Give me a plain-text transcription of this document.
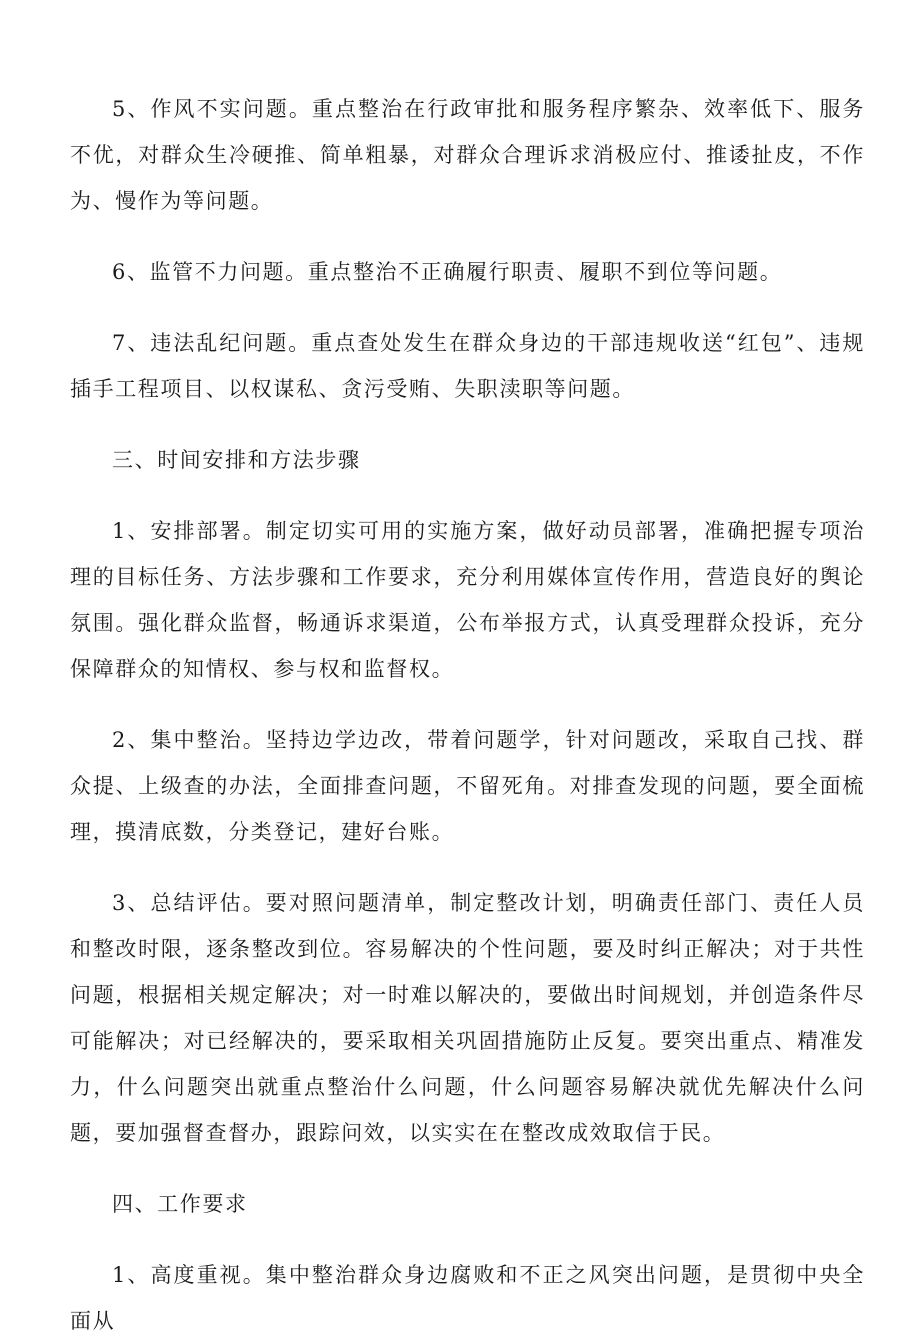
5、作风不实问题。重点整治在行政审批和服务程序繁杂、效率低下、服务不优，对群众生冷硬推、简单粗暴，对群众合理诉求消极应付、推诿扯皮，不作为、慢作为等问题。

6、监管不力问题。重点整治不正确履行职责、履职不到位等问题。

7、违法乱纪问题。重点查处发生在群众身边的干部违规收送“红包”、违规插手工程项目、以权谋私、贪污受贿、失职渎职等问题。

三、时间安排和方法步骤

1、安排部署。制定切实可用的实施方案，做好动员部署，准确把握专项治理的目标任务、方法步骤和工作要求，充分利用媒体宣传作用，营造良好的舆论氛围。强化群众监督，畅通诉求渠道，公布举报方式，认真受理群众投诉，充分保障群众的知情权、参与权和监督权。

2、集中整治。坚持边学边改，带着问题学，针对问题改，采取自己找、群众提、上级查的办法，全面排查问题，不留死角。对排查发现的问题，要全面梳理，摸清底数，分类登记，建好台账。

3、总结评估。要对照问题清单，制定整改计划，明确责任部门、责任人员和整改时限，逐条整改到位。容易解决的个性问题，要及时纠正解决；对于共性问题，根据相关规定解决；对一时难以解决的，要做出时间规划，并创造条件尽可能解决；对已经解决的，要采取相关巩固措施防止反复。要突出重点、精准发力，什么问题突出就重点整治什么问题，什么问题容易解决就优先解决什么问题，要加强督查督办，跟踪问效，以实实在在整改成效取信于民。

四、工作要求

1、高度重视。集中整治群众身边腐败和不正之风突出问题，是贯彻中央全面从
